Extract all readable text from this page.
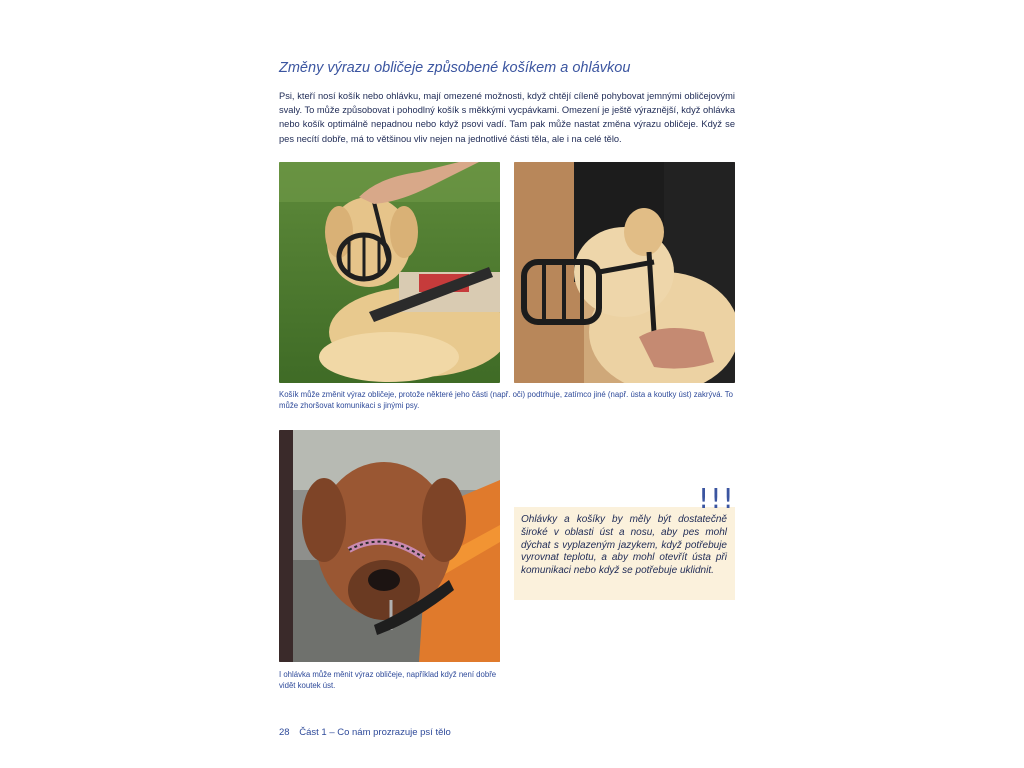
Změny výrazu obličeje způsobené košíkem a ohlávkou
Psi, kteří nosí košík nebo ohlávku, mají omezené možnosti, když chtějí cíleně pohybovat jemnými obličejovými svaly. To může způsobovat i pohodlný košík s měkkými vycpávkami. Omezení je ještě výraznější, když ohlávka nebo košík optimálně nepadnou nebo když psovi vadí. Tam pak může nastat změna výrazu obličeje. Když se pes necítí dobře, má to většinou vliv nejen na jednotlivé části těla, ale i na celé tělo.
Košík může změnit výraz obličeje, protože některé jeho části (např. oči) podtrhuje, zatímco jiné (např. ústa a koutky úst) zakrývá. To může zhoršovat komunikaci s jinými psy.
I ohlávka může měnit výraz obličeje, například když není dobře vidět koutek úst.
!!!
Ohlávky a košíky by měly být dostatečně široké v oblasti úst a nosu, aby pes mohl dýchat s vyplazeným jazykem, když potřebuje vyrovnat teplotu, a aby mohl otevřít ústa při komunikaci nebo když se potřebuje uklidnit.
28 Část 1 – Co nám prozrazuje psí tělo
